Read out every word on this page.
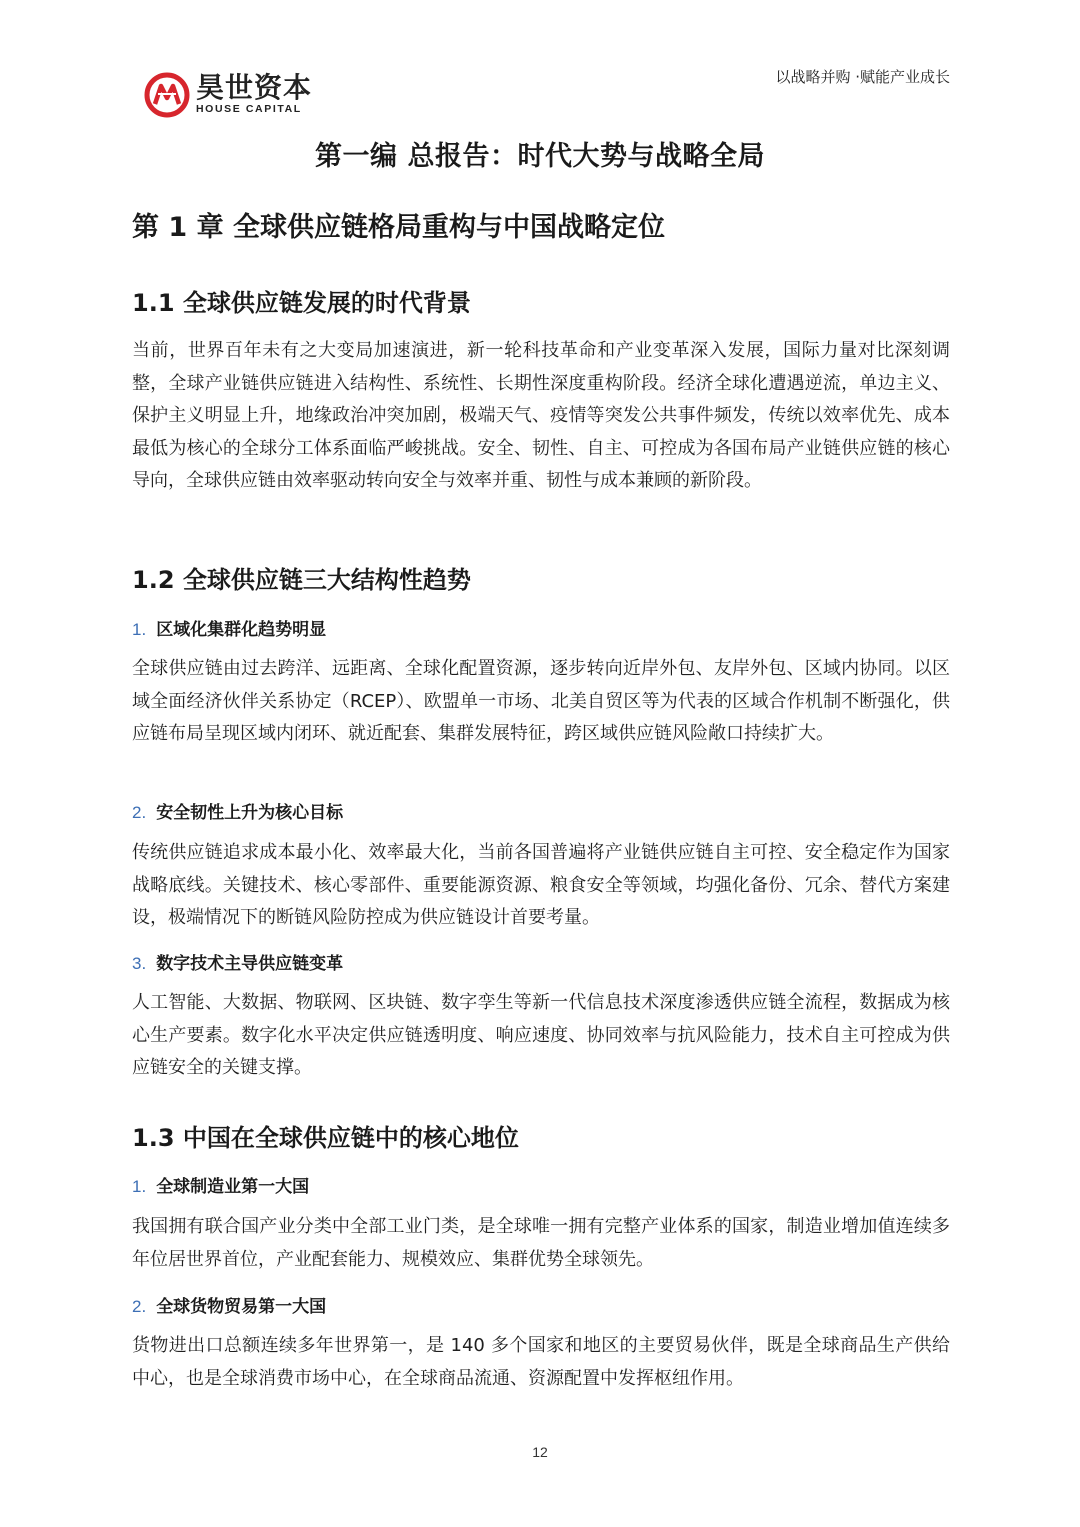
昊世资本
HOUSE CAPITAL
以战略并购 ·赋能产业成长
第一编 总报告：时代大势与战略全局
第 1 章 全球供应链格局重构与中国战略定位
1.1 全球供应链发展的时代背景
当前，世界百年未有之大变局加速演进，新一轮科技革命和产业变革深入发展，国际力量对比深刻调整，全球产业链供应链进入结构性、系统性、长期性深度重构阶段。经济全球化遭遇逆流，单边主义、保护主义明显上升，地缘政治冲突加剧，极端天气、疫情等突发公共事件频发，传统以效率优先、成本最低为核心的全球分工体系面临严峻挑战。安全、韧性、自主、可控成为各国布局产业链供应链的核心导向，全球供应链由效率驱动转向安全与效率并重、韧性与成本兼顾的新阶段。
1.2 全球供应链三大结构性趋势
1. 区域化集群化趋势明显
全球供应链由过去跨洋、远距离、全球化配置资源，逐步转向近岸外包、友岸外包、区域内协同。以区域全面经济伙伴关系协定（RCEP）、欧盟单一市场、北美自贸区等为代表的区域合作机制不断强化，供应链布局呈现区域内闭环、就近配套、集群发展特征，跨区域供应链风险敞口持续扩大。
2. 安全韧性上升为核心目标
传统供应链追求成本最小化、效率最大化，当前各国普遍将产业链供应链自主可控、安全稳定作为国家战略底线。关键技术、核心零部件、重要能源资源、粮食安全等领域，均强化备份、冗余、替代方案建设，极端情况下的断链风险防控成为供应链设计首要考量。
3. 数字技术主导供应链变革
人工智能、大数据、物联网、区块链、数字孪生等新一代信息技术深度渗透供应链全流程，数据成为核心生产要素。数字化水平决定供应链透明度、响应速度、协同效率与抗风险能力，技术自主可控成为供应链安全的关键支撑。
1.3 中国在全球供应链中的核心地位
1. 全球制造业第一大国
我国拥有联合国产业分类中全部工业门类，是全球唯一拥有完整产业体系的国家，制造业增加值连续多年位居世界首位，产业配套能力、规模效应、集群优势全球领先。
2. 全球货物贸易第一大国
货物进出口总额连续多年世界第一，是 140 多个国家和地区的主要贸易伙伴，既是全球商品生产供给中心，也是全球消费市场中心，在全球商品流通、资源配置中发挥枢纽作用。
12
